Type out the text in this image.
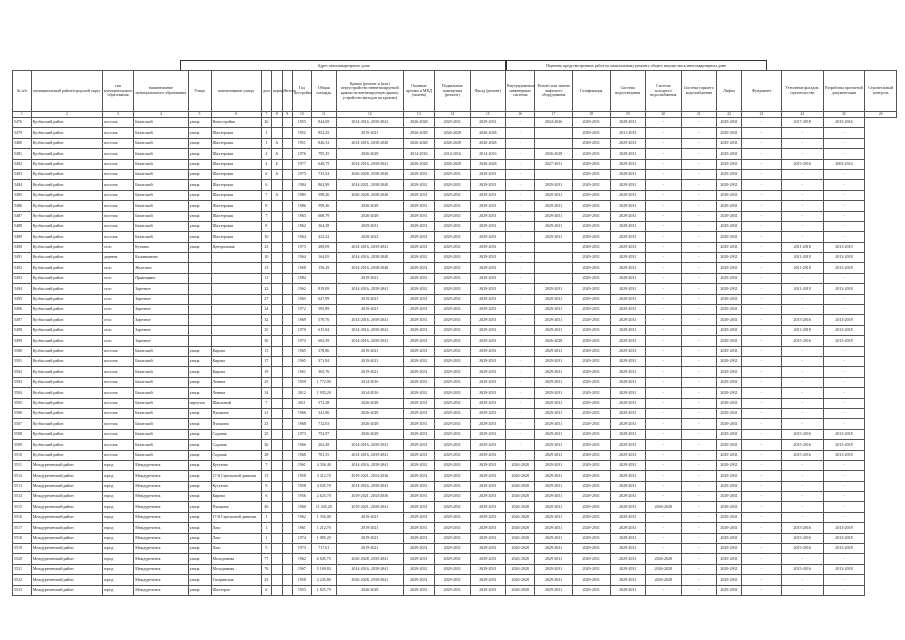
Адрес многоквартирного дома	Перечень предусмотренных работ по капитальному ремонту общего имущества в многоквартирном доме
№ п/п	муниципальный район/городской округ	тип муниципального образования	наименование муниципального образования	Улица	наименование улицы	дом	корпус	Литера	Год постройки	Общая площадь	Крыша (ремонт и (или) переустройство невентилируемой крыши на вентилируемую крышу, устройство выходов на кровлю)	Оконные проемы в МКД (замена)	Подвальные помещения (ремонт)	Фасад (ремонт)	Внутридомовые инженерные системы	Ремонт или замена лифтового оборудования	Газификация	Система водоотведения	Система холодного водоснабжения	Система горячего водоснабжения	Лифты	Фундамент	Утепление фасадов, строительство	Разработка проектной документации	Строительный контроль
1	2	3	4	5	6	7	8	9	10	11	12	13	14	15	16	17	18	19	20	21	22	23	24	25	26
5476	Кузбасский район	поселок	Бачатский	улица	Новостройки	26			1955	844,69	2014-2016, 2039-2041	2026-2028	2029-2031	2029-2031	-	2024-2026	2029-2031	2029-2031	-	-	2029-2031	-	2017-2018	2015-2016	
5479	Кузбасский район	поселок	Бачатский	улица	Шахтерская	1			1952	852,25	2019-2021	2026-2028	2026-2028	2026-2028	-		2029-2031	2031-2033	-	-	2029-2031	-	-	-	
5480	Кузбасский район	поселок	Бачатский	улица	Шахтерская	1	А		1951	846,33	2014-2016, 2038-2040	2026-2028	2026-2028	2026-2028	-		2029-2031	2029-2031	-	-	2029-2031	-	-	-	
5481	Кузбасский район	поселок	Бачатский	улица	Шахтерская	2	А		1976	795,35	2026-2028	2014-2016	2014-2016	2014-2016	-	2026-2028	2029-2031	2029-2031	-	-	2029-2031	-	-	-	
5482	Кузбасский район	поселок	Бачатский	улица	Шахтерская	4	Б		1977	648,75	2014-2016, 2039-2041	2026-2028	2026-2028	2026-2028	-	2027-2031	2029-2031	2029-2031	-	-	2029-2031	-	2015-2016	2003-2014	
5483	Кузбасский район	поселок	Бачатский	улица	Шахтерская	6	А		1975	735,54	2026-2028, 2038-2040	2029-2031	2029-2031	2029-2031	-		2029-2031	2029-2031	-	-	2029-2031	-	-	-	
5484	Кузбасский район	поселок	Бачатский	улица	Шахтерская	6			1984	862,99	2014-2021, 2038-2040	2029-2031	2029-2031	2029-2031	-	2029-2031	2029-2031	2029-2031	-	-	2029-2031	-	-	-	
5485	Кузбасский район	поселок	Бачатский	улица	Шахтерская	7	А		1985	598,26	2026-2028, 2038-2040	2029-2031	2029-2031	2029-2031	-	2029-2031	2029-2031	2029-2031	-	-	2029-2031	-	-	-	
5486	Кузбасский район	поселок	Бачатский	улица	Шахтерская	8			1986	598,46	2026-2028	2029-2031	2029-2031	2029-2031	-	2029-2031	2029-2031	2029-2031	-	-	2029-2031	-	-	-	
5487	Кузбасский район	поселок	Бачатский	улица	Шахтерская	7			1963	668,79	2026-2028	2029-2031	2029-2031	2029-2031	-	2029-2031	2029-2031	2029-2031	-	-	2029-2031	-	-	-	
5488	Кузбасский район	поселок	Бачатский	улица	Шахтерская	8			1962	364,28	2029-2031	2029-2031	2029-2031	2029-2031	-	2029-2031	2029-2031	2029-2031	-	-	2029-2031	-	-	-	
5489	Кузбасский район	поселок	Бачатский	улица	Шахтерская	10			1964	423,22	2020-2022	2029-2031	2029-2031	2029-2031	-	2029-2031	2029-2031	2029-2031	-	-	2029-2031	-	-	-	
5490	Кузбасский район	село	Бутовка	улица	Центральная	23			1973	289,09	2014-2016, 2039-2041	2029-2031	2029-2031	2029-2031	-		2029-2031	2029-2031	-	-	2029-2031	-	2011-2018	2013-2019	
5491	Кузбасский район	деревня	Калинкиново			10			1964	164,05	2014-2016, 2038-2040	2029-2031	2029-2031	2029-2031	-		2029-2031	2029-2031	-	-	2029-2031	-	2011-2018	2013-2018	
5492	Кузбасский район	село	Железное			13			1968	156,29	2014-2016, 2038-2040	2029-2031	2029-2031	2029-2031	-		2029-2031	2029-2031	-	-	2029-2031	-	2011-2018	2013-2018	
5493	Кузбасский район	село	Прямицыно			11			1984		2019-2021	2029-2031	2029-2031	2029-2031	-		2029-2031	2029-2031	-	-	2029-2031	-	-	-	
5494	Кузбасский район	село	Заречное			23			1962	819,09	2014-2016, 2039-2041	2029-2031	2029-2031	2029-2031	-	2029-2031	2029-2031	2029-2031	-	-	2029-2031	-	2011-2018	2013-2018	
5495	Кузбасский район	село	Заречное			27			1965	627,99	2019-2021	2029-2031	2029-2031	2029-2031	-	2029-2031	2029-2031	2029-2031	-	-	2029-2031	-	-	-	
5496	Кузбасский район	село	Заречное			24			1972	595,89	2019-2021	2029-2031	2029-2031	2029-2031	-	2029-2031	2029-2031	2029-2031	-	-	2029-2031	-	-	-	
5497	Кузбасский район	село	Заречное			32			1969	579,76	2014-2016, 2039-2041	2029-2031	2029-2031	2029-2031	-	2029-2031	2029-2031	2029-2031	-	-	2029-2031	-	2015-2016	2013-2018	
5498	Кузбасский район	село	Заречное			35			1970	615,94	2014-2016, 2039-2041	2029-2031	2029-2031	2029-2031	-	2029-2031	2029-2031	2029-2031	-	-	2029-2031	-	2011-2018	2013-2018	
5499	Кузбасский район	село	Заречное			36			1973	603,39	2014-2016, 2039-2041	2029-2031	2029-2031	2029-2031	-	2026-2028	2029-2031	2029-2031	-	-	2029-2031	-	2015-2016	2013-2018	
5500	Кузбасский район	поселок	Бачатский	улица	Кирова	13			1965	378,86	2019-2021	2029-2031	2029-2031	2029-2031	-	2029-2031	2029-2031	2029-2031	-	-	2029-2031	-	-	-	
5501	Кузбасский район	поселок	Бачатский	улица	Кирова	17			1965	371,84	2019-2021	2029-2031	2029-2031	2029-2031	-	2029-2031	2029-2031	2029-2031	-	-	2029-2031	-	-	-	
5502	Кузбасский район	поселок	Бачатский	улица	Кирова	19			1961	365,76	2019-2021	2029-2031	2029-2031	2029-2031	-	2029-2031	2029-2031	2029-2031	-	-	2029-2031	-	-	-	
5503	Кузбасский район	поселок	Бачатский	улица	Ленина	25			1959	1 772,90	2014-2016	2029-2031	2029-2031	2029-2031	-	2029-2031	2029-2031	2029-2031	-	-	2029-2031	-	-	-	
5504	Кузбасский район	поселок	Бачатский	улица	Ленина	34			2012	1 935,20	2014-2016	2029-2031	2029-2031	2029-2031	-	2029-2031	2029-2031	2029-2031	-	-	2029-2031	-	-	-	
5505	Кузбасский район	поселок	Бачатский	переулок	Школьный	7			2011	572,28	2026-2028	2029-2031	2029-2031	2029-2031	-	2029-2031	2029-2031	2029-2031	-	-	2029-2031	-	-	-	
5506	Кузбасский район	поселок	Бачатский	улица	Пушкина	21			1966	341,96	2026-2028	2029-2031	2029-2031	2029-2031	-	2029-2031	2029-2031	2029-2031	-	-	2029-2031	-	-	-	
5507	Кузбасский район	поселок	Бачатский	улица	Пушкина	23			1968	712,63	2026-2028	2029-2031	2029-2031	2029-2031	-	2029-2031	2029-2031	2029-2031	-	-	2029-2031	-	-	-	
5508	Кузбасский район	поселок	Бачатский	улица	Садовая	25			1973	752,97	2026-2028	2029-2031	2029-2031	2029-2031	-	2029-2031	2029-2031	2029-2031	-	-	2029-2031	-	2015-2016	2013-2018	
5509	Кузбасский район	поселок	Бачатский	улица	Садовая	26			1966	262,49	2014-2016, 2039-2041	2029-2031	2029-2031	2029-2031	-	2029-2031	2029-2031	2029-2031	-	-	2029-2031	-	2015-2016	2013-2018	
5510	Кузбасский район	поселок	Бачатский	улица	Садовая	28			1968	781,55	2014-2016, 2039-2041	2029-2031	2029-2031	2029-2031	-	2029-2031	2029-2031	2029-2031	-	-	2029-2031	-	2015-2016	2013-2018	
5511	Междуреченский район	город	Междуреченск	улица	Кутузова	7			1961	4 336,40	2014-2016, 2039-2041	2029-2031	2029-2031	2029-2031	2026-2028	2029-2031	2029-2031	2029-2031	-	-	2029-2031	-	-	-	
5512	Междуреченский район	город	Междуреченск	улица	17-й Стрелковой дивизии	15			1958	3 312,70	2019-2021, 2034-2036	2029-2031	2029-2031	2029-2031	2026-2028	2029-2031	2029-2031	2029-2031	-	-	2029-2031	-	-	-	
5513	Междуреченский район	город	Междуреченск	улица	Кутузова	9			1958	4 045,70	2014-2016, 2039-2041	2029-2031	2029-2031	2029-2031	2026-2028	2029-2031	2029-2031	2029-2031	-	-	2029-2031	-	-	-	
5514	Междуреченский район	город	Междуреченск	улица	Кирова	6			1956	2 625,70	2019-2021, 2034-2036	2029-2031	2029-2031	2029-2031	2026-2028	2029-2031	2029-2031	2029-2031	-	-	2029-2031	-	-	-	
5515	Междуреченский район	город	Междуреченск	улица	Пушкина	40			1960	11 345,20	2019-2021, 2039-2041	2029-2031	2029-2031	2029-2031	2026-2028	2029-2031	2029-2031	2029-2031	2026-2028	-	2029-2031	-	-	-	
5516	Междуреченский район	город	Междуреченск	улица	17-й Стрелковой дивизии	1			1962	1 356,00	2019-2021	2029-2031	2029-2031	2029-2031	2026-2028	2029-2031	2029-2031	2029-2031	-	-	2029-2031	-	-	-	
5517	Междуреченский район	город	Междуреченск	улица	Лазо	1			1961	1 212,76	2019-2021	2029-2031	2029-2031	2029-2031	2026-2028	2029-2031	2029-2031	2029-2031	-	-	2029-2031	-	2015-2016	2013-2018	
5518	Междуреченский район	город	Междуреченск	улица	Лазо	1			1974	1 085,20	2019-2021	2029-2031	2029-2031	2029-2031	2026-2028	2029-2031	2029-2031	2029-2031	-	-	2029-2031	-	2015-2016	2013-2018	
5519	Междуреченский район	город	Междуреченск	улица	Лазо	5			1973	717,61	2019-2021	2029-2031	2029-2031	2029-2031	2026-2028	2029-2031	2029-2031	2029-2031	-	-	2029-2031	-	2015-2016	2013-2018	
5520	Междуреченский район	город	Междуреченск	улица	Молодежная	77			1962	6 845,75	2026-2028, 2039-2041	2029-2031	2029-2031	2029-2031	2026-2028	2029-2031	2029-2031	2029-2031	2026-2028	-	2029-2031	-	-	-	
5521	Междуреченский район	город	Междуреченск	улица	Молодежная	76			1967	5 169,84	2014-2016, 2039-2041	2029-2031	2029-2031	2029-2031	2026-2028	2029-2031	2029-2031	2029-2031	2026-2028	-	2029-2031	-	2015-2016	2013-2018	
5522	Междуреченский район	город	Междуреченск	улица	Гагаринская	25			1958	2 245,80	2026-2028, 2039-2041	2029-2031	2029-2031	2029-2031	2026-2028	2029-2031	2029-2031	2029-2031	2026-2028	-	2029-2031	-	-	-	
5523	Междуреченский район	город	Междуреченск	улица	Шахтеров	6			1953	1 825,79	2026-2028	2029-2031	2029-2031	2029-2031	2026-2028	2029-2031	2029-2031	2029-2031	-	-	2029-2031	-	-	-	
